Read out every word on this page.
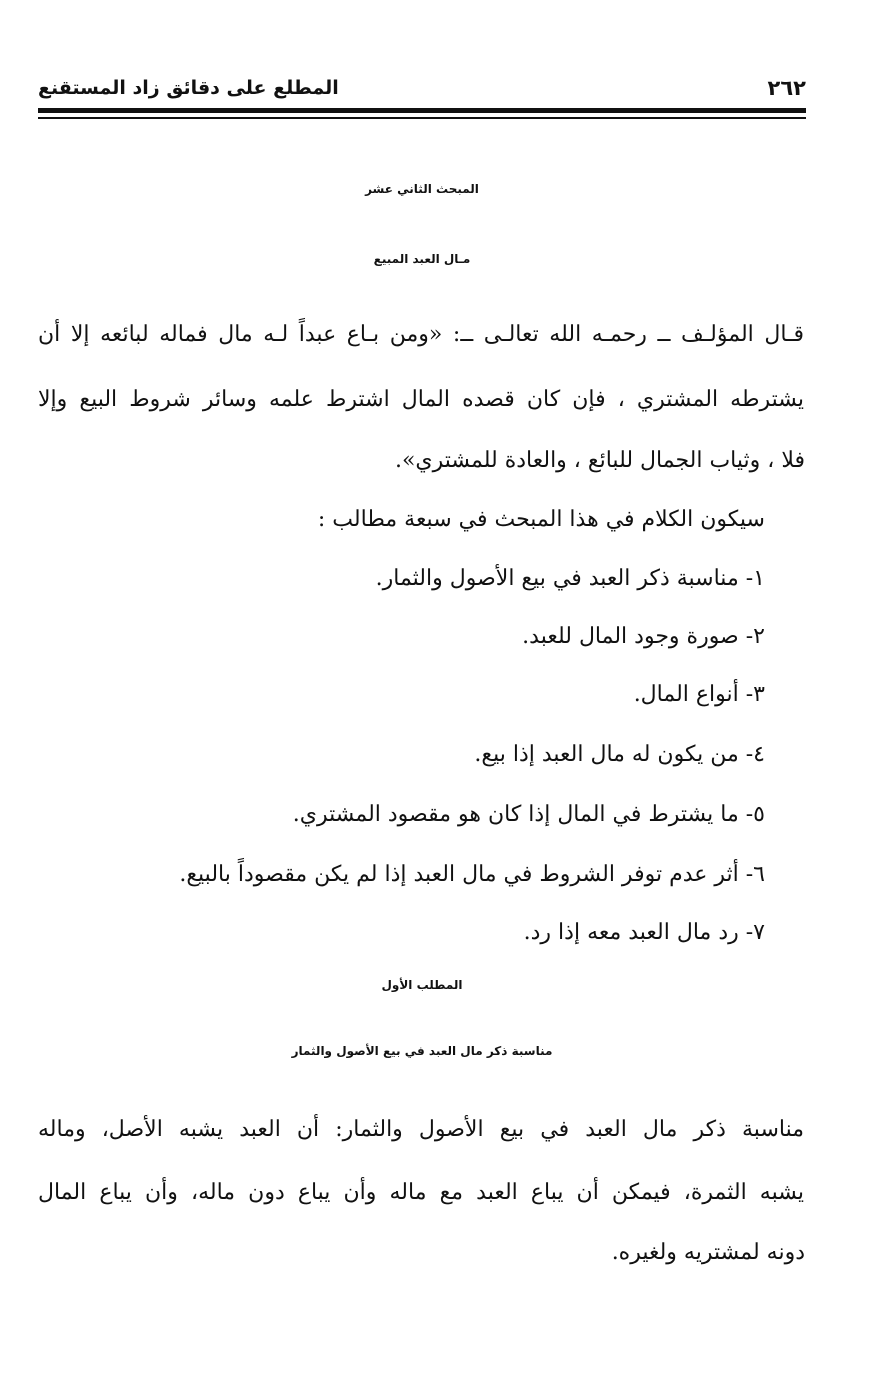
٢٦٢
المطلع على دقائق زاد المستقنع
المبحث الثاني عشر
مـال العبد المبيع
قـال المؤلـف ــ رحمـه الله تعالـى ــ: «ومن بـاع عبداً لـه مال فماله لبائعه إلا أن
يشترطه المشتري ، فإن كان قصده المال اشترط علمه وسائر شروط البيع وإلا
فلا ، وثياب الجمال للبائع ، والعادة للمشتري».
سيكون الكلام في هذا المبحث في سبعة مطالب :
١- مناسبة ذكر العبد في بيع الأصول والثمار.
٢- صورة وجود المال للعبد.
٣- أنواع المال.
٤- من يكون له مال العبد إذا بيع.
٥- ما يشترط في المال إذا كان هو مقصود المشتري.
٦- أثر عدم توفر الشروط في مال العبد إذا لم يكن مقصوداً بالبيع.
٧- رد مال العبد معه إذا رد.
المطلب الأول
مناسبة ذكر مال العبد في بيع الأصول والثمار
مناسبة ذكر مال العبد في بيع الأصول والثمار: أن العبد يشبه الأصل، وماله
يشبه الثمرة، فيمكن أن يباع العبد مع ماله وأن يباع دون ماله، وأن يباع المال
دونه لمشتريه ولغيره.
